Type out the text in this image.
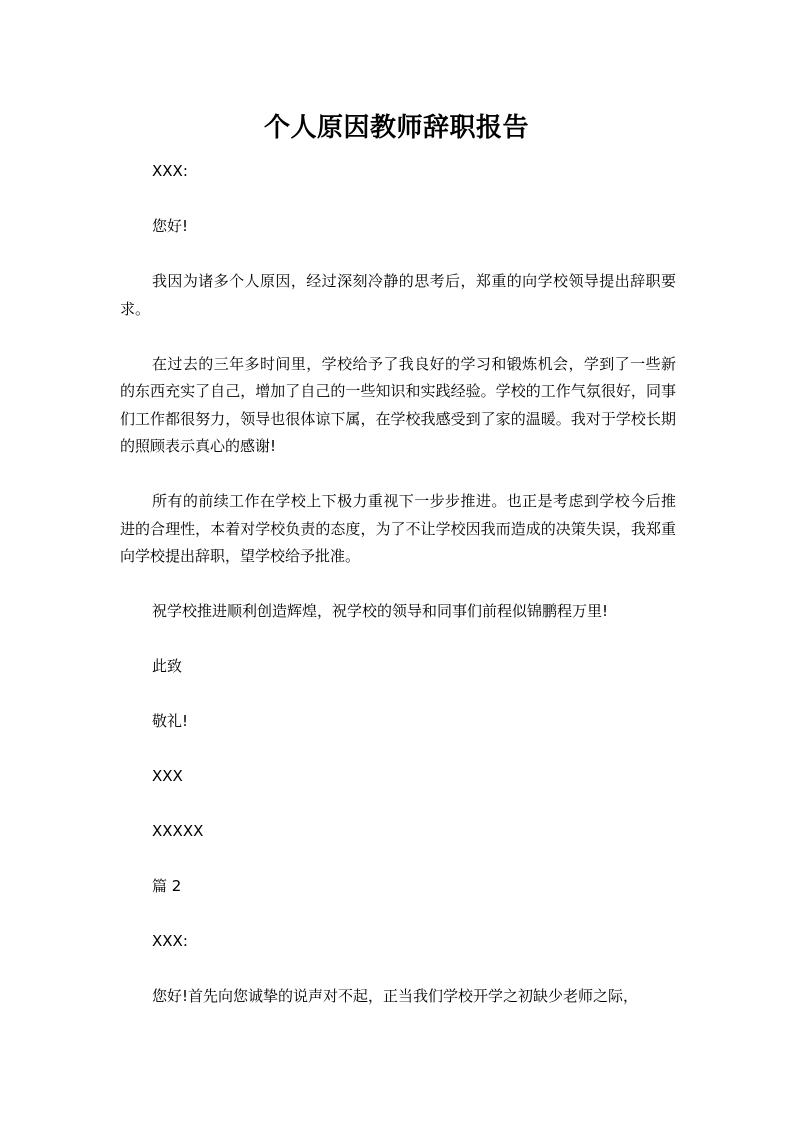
个人原因教师辞职报告

XXX:

您好!

我因为诸多个人原因，经过深刻冷静的思考后，郑重的向学校领导提出辞职要求。

在过去的三年多时间里，学校给予了我良好的学习和锻炼机会，学到了一些新的东西充实了自己，增加了自己的一些知识和实践经验。学校的工作气氛很好，同事们工作都很努力，领导也很体谅下属，在学校我感受到了家的温暖。我对于学校长期的照顾表示真心的感谢!

所有的前续工作在学校上下极力重视下一步步推进。也正是考虑到学校今后推进的合理性，本着对学校负责的态度，为了不让学校因我而造成的决策失误，我郑重向学校提出辞职，望学校给予批准。

祝学校推进顺利创造辉煌，祝学校的领导和同事们前程似锦鹏程万里!

此致

敬礼!

XXX

XXXXX

篇 2

XXX:

您好!首先向您诚挚的说声对不起，正当我们学校开学之初缺少老师之际，
